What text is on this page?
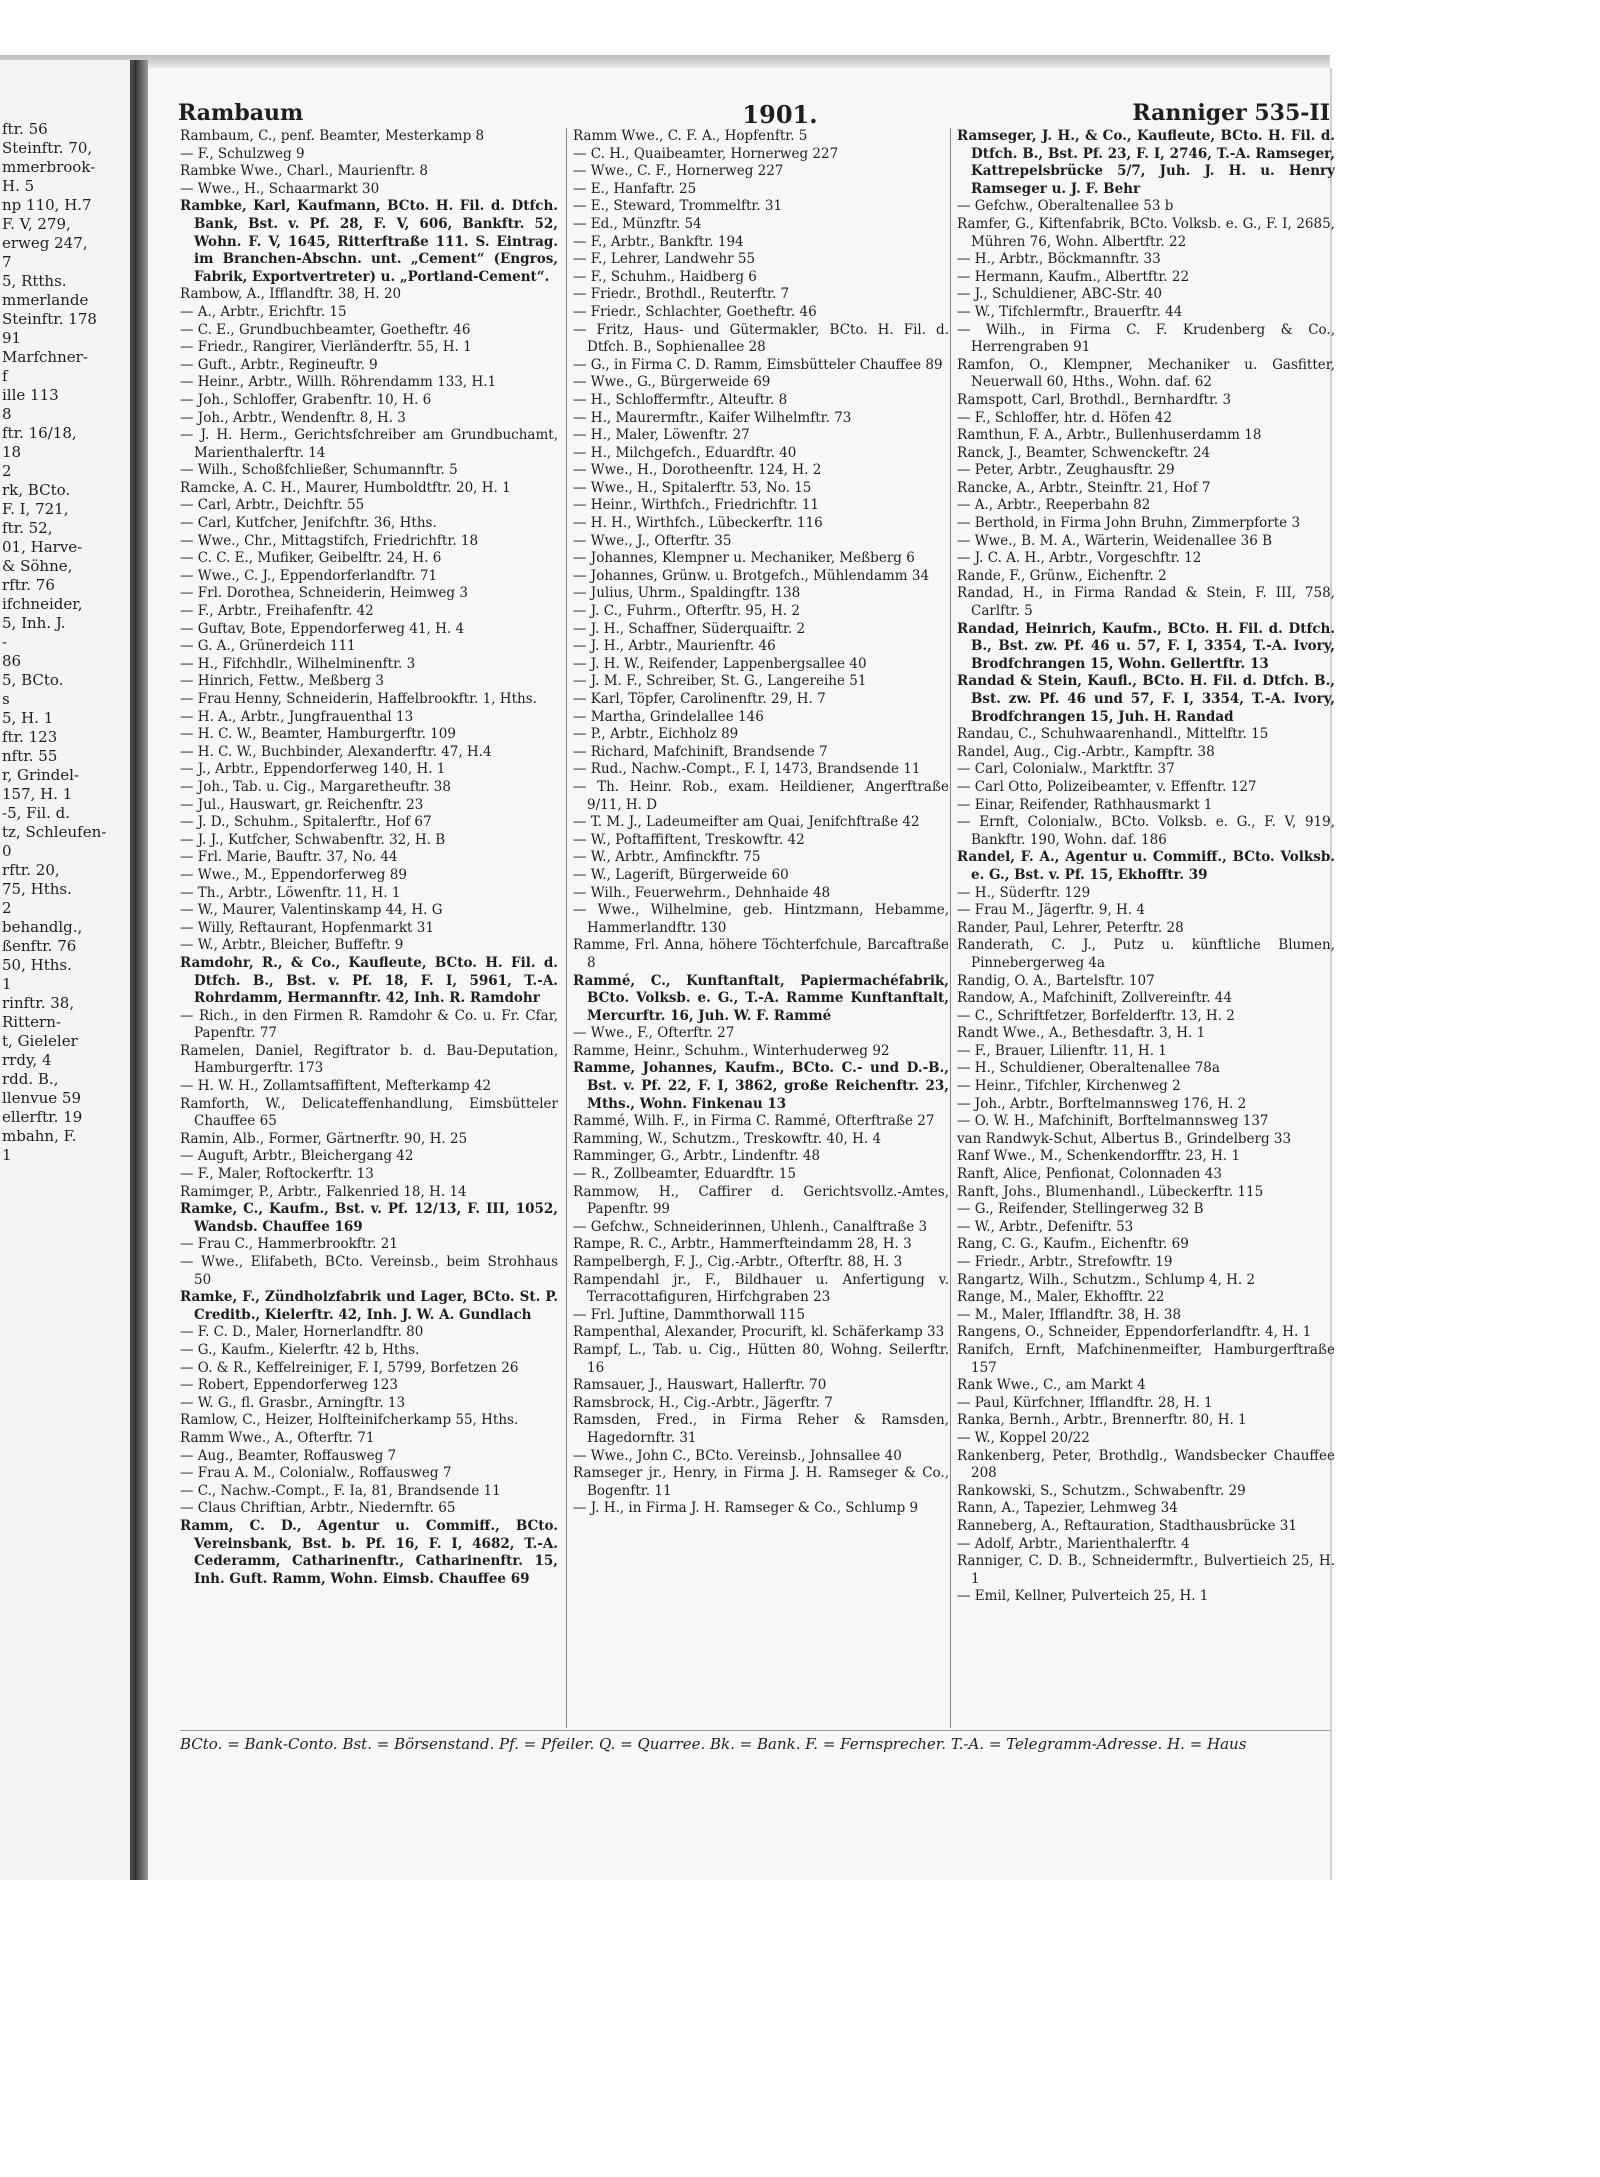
ftr. 56
Steinftr. 70,
mmerbrook-
H. 5
np 110, H.7
F. V, 279,
erweg 247,
7
5, Rtths.
mmerlande
Steinftr. 178
91
Marfchner-
f
ille 113
8
ftr. 16/18,
18
2
rk, BCto.
F. I, 721,
ftr. 52,
01, Harve-
& Söhne,
rftr. 76
ifchneider,
5, Inh. J.
-
86
5, BCto.
s
5, H. 1
ftr. 123
nftr. 55
r, Grindel-
157, H. 1
-5, Fil. d.
tz, Schleufen-
0
rftr. 20,
75, Hths.
2
behandlg.,
ßenftr. 76
50, Hths.
1
rinftr. 38,
Rittern-
t, Gieleler
rrdy, 4
rdd. B.,
llenvue 59
ellerftr. 19
mbahn, F.
1
Rambaum	1901.	Ranniger 535-II

Rambaum, C., penf. Beamter, Mesterkamp 8

— F., Schulzweg 9

Rambke Wwe., Charl., Maurienftr. 8

— Wwe., H., Schaarmarkt 30

Rambke, Karl, Kaufmann, BCto. H. Fil. d. Dtfch. Bank, Bst. v. Pf. 28, F. V, 606, Bankftr. 52, Wohn. F. V, 1645, Ritterftraße 111. S. Eintrag. im Branchen-Abschn. unt. „Cement“ (Engros, Fabrik, Exportvertreter) u. „Portland-Cement“.

Rambow, A., Ifflandftr. 38, H. 20

— A., Arbtr., Erichftr. 15

— C. E., Grundbuchbeamter, Goetheftr. 46

— Friedr., Rangirer, Vierländerftr. 55, H. 1

— Guft., Arbtr., Regineuftr. 9

— Heinr., Arbtr., Willh. Röhrendamm 133, H.1

— Joh., Schloffer, Grabenftr. 10, H. 6

— Joh., Arbtr., Wendenftr. 8, H. 3

— J. H. Herm., Gerichtsfchreiber am Grundbuchamt, Marienthalerftr. 14

— Wilh., Schoßfchließer, Schumannftr. 5

Ramcke, A. C. H., Maurer, Humboldtftr. 20, H. 1

— Carl, Arbtr., Deichftr. 55

— Carl, Kutfcher, Jenifchftr. 36, Hths.

— Wwe., Chr., Mittagstifch, Friedrichftr. 18

— C. C. E., Mufiker, Geibelftr. 24, H. 6

— Wwe., C. J., Eppendorferlandftr. 71

— Frl. Dorothea, Schneiderin, Heimweg 3

— F., Arbtr., Freihafenftr. 42

— Guftav, Bote, Eppendorferweg 41, H. 4

— G. A., Grünerdeich 111

— H., Fifchhdlr., Wilhelminenftr. 3

— Hinrich, Fettw., Meßberg 3

— Frau Henny, Schneiderin, Haffelbrookftr. 1, Hths.

— H. A., Arbtr., Jungfrauenthal 13

— H. C. W., Beamter, Hamburgerftr. 109

— H. C. W., Buchbinder, Alexanderftr. 47, H.4

— J., Arbtr., Eppendorferweg 140, H. 1

— Joh., Tab. u. Cig., Margaretheuftr. 38

— Jul., Hauswart, gr. Reichenftr. 23

— J. D., Schuhm., Spitalerftr., Hof 67

— J. J., Kutfcher, Schwabenftr. 32, H. B

— Frl. Marie, Bauftr. 37, No. 44

— Wwe., M., Eppendorferweg 89

— Th., Arbtr., Löwenftr. 11, H. 1

— W., Maurer, Valentinskamp 44, H. G

— Willy, Reftaurant, Hopfenmarkt 31

— W., Arbtr., Bleicher, Buffeftr. 9

Ramdohr, R., & Co., Kaufleute, BCto. H. Fil. d. Dtfch. B., Bst. v. Pf. 18, F. I, 5961, T.-A. Rohrdamm, Hermannftr. 42, Inh. R. Ramdohr

— Rich., in den Firmen R. Ramdohr & Co. u. Fr. Cfar, Papenftr. 77

Ramelen, Daniel, Regiftrator b. d. Bau-Deputation, Hamburgerftr. 173

— H. W. H., Zollamtsaffiftent, Mefterkamp 42

Ramforth, W., Delicateffenhandlung, Eimsbütteler Chauffee 65

Ramin, Alb., Former, Gärtnerftr. 90, H. 25

— Auguft, Arbtr., Bleichergang 42

— F., Maler, Roftockerftr. 13

Ramimger, P., Arbtr., Falkenried 18, H. 14

Ramke, C., Kaufm., Bst. v. Pf. 12/13, F. III, 1052, Wandsb. Chauffee 169

— Frau C., Hammerbrookftr. 21

— Wwe., Elifabeth, BCto. Vereinsb., beim Strohhaus 50

Ramke, F., Zündholzfabrik und Lager, BCto. St. P. Creditb., Kielerftr. 42, Inh. J. W. A. Gundlach

— F. C. D., Maler, Hornerlandftr. 80

— G., Kaufm., Kielerftr. 42 b, Hths.

— O. & R., Keffelreiniger, F. I, 5799, Borfetzen 26

— Robert, Eppendorferweg 123

— W. G., fl. Grasbr., Arningftr. 13

Ramlow, C., Heizer, Holfteinifcherkamp 55, Hths.

Ramm Wwe., A., Ofterftr. 71

— Aug., Beamter, Roffausweg 7

— Frau A. M., Colonialw., Roffausweg 7

— C., Nachw.-Compt., F. Ia, 81, Brandsende 11

— Claus Chriftian, Arbtr., Niedernftr. 65

Ramm, C. D., Agentur u. Commiff., BCto. Vereinsbank, Bst. b. Pf. 16, F. I, 4682, T.-A. Cederamm, Catharinenftr., Catharinenftr. 15, Inh. Guft. Ramm, Wohn. Eimsb. Chauffee 69

Ramm Wwe., C. F. A., Hopfenftr. 5

— C. H., Quaibeamter, Hornerweg 227

— Wwe., C. F., Hornerweg 227

— E., Hanfaftr. 25

— E., Steward, Trommelftr. 31

— Ed., Münzftr. 54

— F., Arbtr., Bankftr. 194

— F., Lehrer, Landwehr 55

— F., Schuhm., Haidberg 6

— Friedr., Brothdl., Reuterftr. 7

— Friedr., Schlachter, Goetheftr. 46

— Fritz, Haus- und Gütermakler, BCto. H. Fil. d. Dtfch. B., Sophienallee 28

— G., in Firma C. D. Ramm, Eimsbütteler Chauffee 89

— Wwe., G., Bürgerweide 69

— H., Schloffermftr., Alteuftr. 8

— H., Maurermftr., Kaifer Wilhelmftr. 73

— H., Maler, Löwenftr. 27

— H., Milchgefch., Eduardftr. 40

— Wwe., H., Dorotheenftr. 124, H. 2

— Wwe., H., Spitalerftr. 53, No. 15

— Heinr., Wirthfch., Friedrichftr. 11

— H. H., Wirthfch., Lübeckerftr. 116

— Wwe., J., Ofterftr. 35

— Johannes, Klempner u. Mechaniker, Meßberg 6

— Johannes, Grünw. u. Brotgefch., Mühlendamm 34

— Julius, Uhrm., Spaldingftr. 138

— J. C., Fuhrm., Ofterftr. 95, H. 2

— J. H., Schaffner, Süderquaiftr. 2

— J. H., Arbtr., Maurienftr. 46

— J. H. W., Reifender, Lappenbergsallee 40

— J. M. F., Schreiber, St. G., Langereihe 51

— Karl, Töpfer, Carolinenftr. 29, H. 7

— Martha, Grindelallee 146

— P., Arbtr., Eichholz 89

— Richard, Mafchinift, Brandsende 7

— Rud., Nachw.-Compt., F. I, 1473, Brandsende 11

— Th. Heinr. Rob., exam. Heildiener, Angerftraße 9/11, H. D

— T. M. J., Ladeumeifter am Quai, Jenifchftraße 42

— W., Poftaffiftent, Treskowftr. 42

— W., Arbtr., Amfinckftr. 75

— W., Lagerift, Bürgerweide 60

— Wilh., Feuerwehrm., Dehnhaide 48

— Wwe., Wilhelmine, geb. Hintzmann, Hebamme, Hammerlandftr. 130

Ramme, Frl. Anna, höhere Töchterfchule, Barcaftraße 8

Rammé, C., Kunftanftalt, Papiermachéfabrik, BCto. Volksb. e. G., T.-A. Ramme Kunftanftalt, Mercurftr. 16, Juh. W. F. Rammé

— Wwe., F., Ofterftr. 27

Ramme, Heinr., Schuhm., Winterhuderweg 92

Ramme, Johannes, Kaufm., BCto. C.- und D.-B., Bst. v. Pf. 22, F. I, 3862, große Reichenftr. 23, Mths., Wohn. Finkenau 13

Rammé, Wilh. F., in Firma C. Rammé, Ofterftraße 27

Ramming, W., Schutzm., Treskowftr. 40, H. 4

Ramminger, G., Arbtr., Lindenftr. 48

— R., Zollbeamter, Eduardftr. 15

Rammow, H., Caffirer d. Gerichtsvollz.-Amtes, Papenftr. 99

— Gefchw., Schneiderinnen, Uhlenh., Canalftraße 3

Rampe, R. C., Arbtr., Hammerfteindamm 28, H. 3

Rampelbergh, F. J., Cig.-Arbtr., Ofterftr. 88, H. 3

Rampendahl jr., F., Bildhauer u. Anfertigung v. Terracottafiguren, Hirfchgraben 23

— Frl. Juftine, Dammthorwall 115

Rampenthal, Alexander, Procurift, kl. Schäferkamp 33

Rampf, L., Tab. u. Cig., Hütten 80, Wohng. Seilerftr. 16

Ramsauer, J., Hauswart, Hallerftr. 70

Ramsbrock, H., Cig.-Arbtr., Jägerftr. 7

Ramsden, Fred., in Firma Reher & Ramsden, Hagedornftr. 31

— Wwe., John C., BCto. Vereinsb., Johnsallee 40

Ramseger jr., Henry, in Firma J. H. Ramseger & Co., Bogenftr. 11

— J. H., in Firma J. H. Ramseger & Co., Schlump 9

Ramseger, J. H., & Co., Kaufleute, BCto. H. Fil. d. Dtfch. B., Bst. Pf. 23, F. I, 2746, T.-A. Ramseger, Kattrepelsbrücke 5/7, Juh. J. H. u. Henry Ramseger u. J. F. Behr

— Gefchw., Oberaltenallee 53 b

Ramfer, G., Kiftenfabrik, BCto. Volksb. e. G., F. I, 2685, Mühren 76, Wohn. Albertftr. 22

— H., Arbtr., Böckmannftr. 33

— Hermann, Kaufm., Albertftr. 22

— J., Schuldiener, ABC-Str. 40

— W., Tifchlermftr., Brauerftr. 44

— Wilh., in Firma C. F. Krudenberg & Co., Herrengraben 91

Ramfon, O., Klempner, Mechaniker u. Gasfitter, Neuerwall 60, Hths., Wohn. daf. 62

Ramspott, Carl, Brothdl., Bernhardftr. 3

— F., Schloffer, htr. d. Höfen 42

Ramthun, F. A., Arbtr., Bullenhuserdamm 18

Ranck, J., Beamter, Schwenckeftr. 24

— Peter, Arbtr., Zeughausftr. 29

Rancke, A., Arbtr., Steinftr. 21, Hof 7

— A., Arbtr., Reeperbahn 82

— Berthold, in Firma John Bruhn, Zimmerpforte 3

— Wwe., B. M. A., Wärterin, Weidenallee 36 B

— J. C. A. H., Arbtr., Vorgeschftr. 12

Rande, F., Grünw., Eichenftr. 2

Randad, H., in Firma Randad & Stein, F. III, 758, Carlftr. 5

Randad, Heinrich, Kaufm., BCto. H. Fil. d. Dtfch. B., Bst. zw. Pf. 46 u. 57, F. I, 3354, T.-A. Ivory, Brodfchrangen 15, Wohn. Gellertftr. 13

Randad & Stein, Kaufl., BCto. H. Fil. d. Dtfch. B., Bst. zw. Pf. 46 und 57, F. I, 3354, T.-A. Ivory, Brodfchrangen 15, Juh. H. Randad

Randau, C., Schuhwaarenhandl., Mittelftr. 15

Randel, Aug., Cig.-Arbtr., Kampftr. 38

— Carl, Colonialw., Marktftr. 37

— Carl Otto, Polizeibeamter, v. Effenftr. 127

— Einar, Reifender, Rathhausmarkt 1

— Ernft, Colonialw., BCto. Volksb. e. G., F. V, 919, Bankftr. 190, Wohn. daf. 186

Randel, F. A., Agentur u. Commiff., BCto. Volksb. e. G., Bst. v. Pf. 15, Ekhofftr. 39

— H., Süderftr. 129

— Frau M., Jägerftr. 9, H. 4

Rander, Paul, Lehrer, Peterftr. 28

Randerath, C. J., Putz u. künftliche Blumen, Pinnebergerweg 4a

Randig, O. A., Bartelsftr. 107

Randow, A., Mafchinift, Zollvereinftr. 44

— C., Schriftfetzer, Borfelderftr. 13, H. 2

Randt Wwe., A., Bethesdaftr. 3, H. 1

— F., Brauer, Lilienftr. 11, H. 1

— H., Schuldiener, Oberaltenallee 78a

— Heinr., Tifchler, Kirchenweg 2

— Joh., Arbtr., Borftelmannsweg 176, H. 2

— O. W. H., Mafchinift, Borftelmannsweg 137

van Randwyk-Schut, Albertus B., Grindelberg 33

Ranf Wwe., M., Schenkendorfftr. 23, H. 1

Ranft, Alice, Penfionat, Colonnaden 43

Ranft, Johs., Blumenhandl., Lübeckerftr. 115

— G., Reifender, Stellingerweg 32 B

— W., Arbtr., Defeniftr. 53

Rang, C. G., Kaufm., Eichenftr. 69

— Friedr., Arbtr., Strefowftr. 19

Rangartz, Wilh., Schutzm., Schlump 4, H. 2

Range, M., Maler, Ekhofftr. 22

— M., Maler, Ifflandftr. 38, H. 38

Rangens, O., Schneider, Eppendorferlandftr. 4, H. 1

Ranifch, Ernft, Mafchinenmeifter, Hamburgerftraße 157

Rank Wwe., C., am Markt 4

— Paul, Kürfchner, Ifflandftr. 28, H. 1

Ranka, Bernh., Arbtr., Brennerftr. 80, H. 1

— W., Koppel 20/22

Rankenberg, Peter, Brothdlg., Wandsbecker Chauffee 208

Rankowski, S., Schutzm., Schwabenftr. 29

Rann, A., Tapezier, Lehmweg 34

Ranneberg, A., Reftauration, Stadthausbrücke 31

— Adolf, Arbtr., Marienthalerftr. 4

Ranniger, C. D. B., Schneidermftr., Bulvertieich 25, H. 1

— Emil, Kellner, Pulverteich 25, H. 1

BCto. = Bank-Conto. Bst. = Börsenstand. Pf. = Pfeiler. Q. = Quarree. Bk. = Bank. F. = Fernsprecher. T.-A. = Telegramm-Adresse. H. = Haus
